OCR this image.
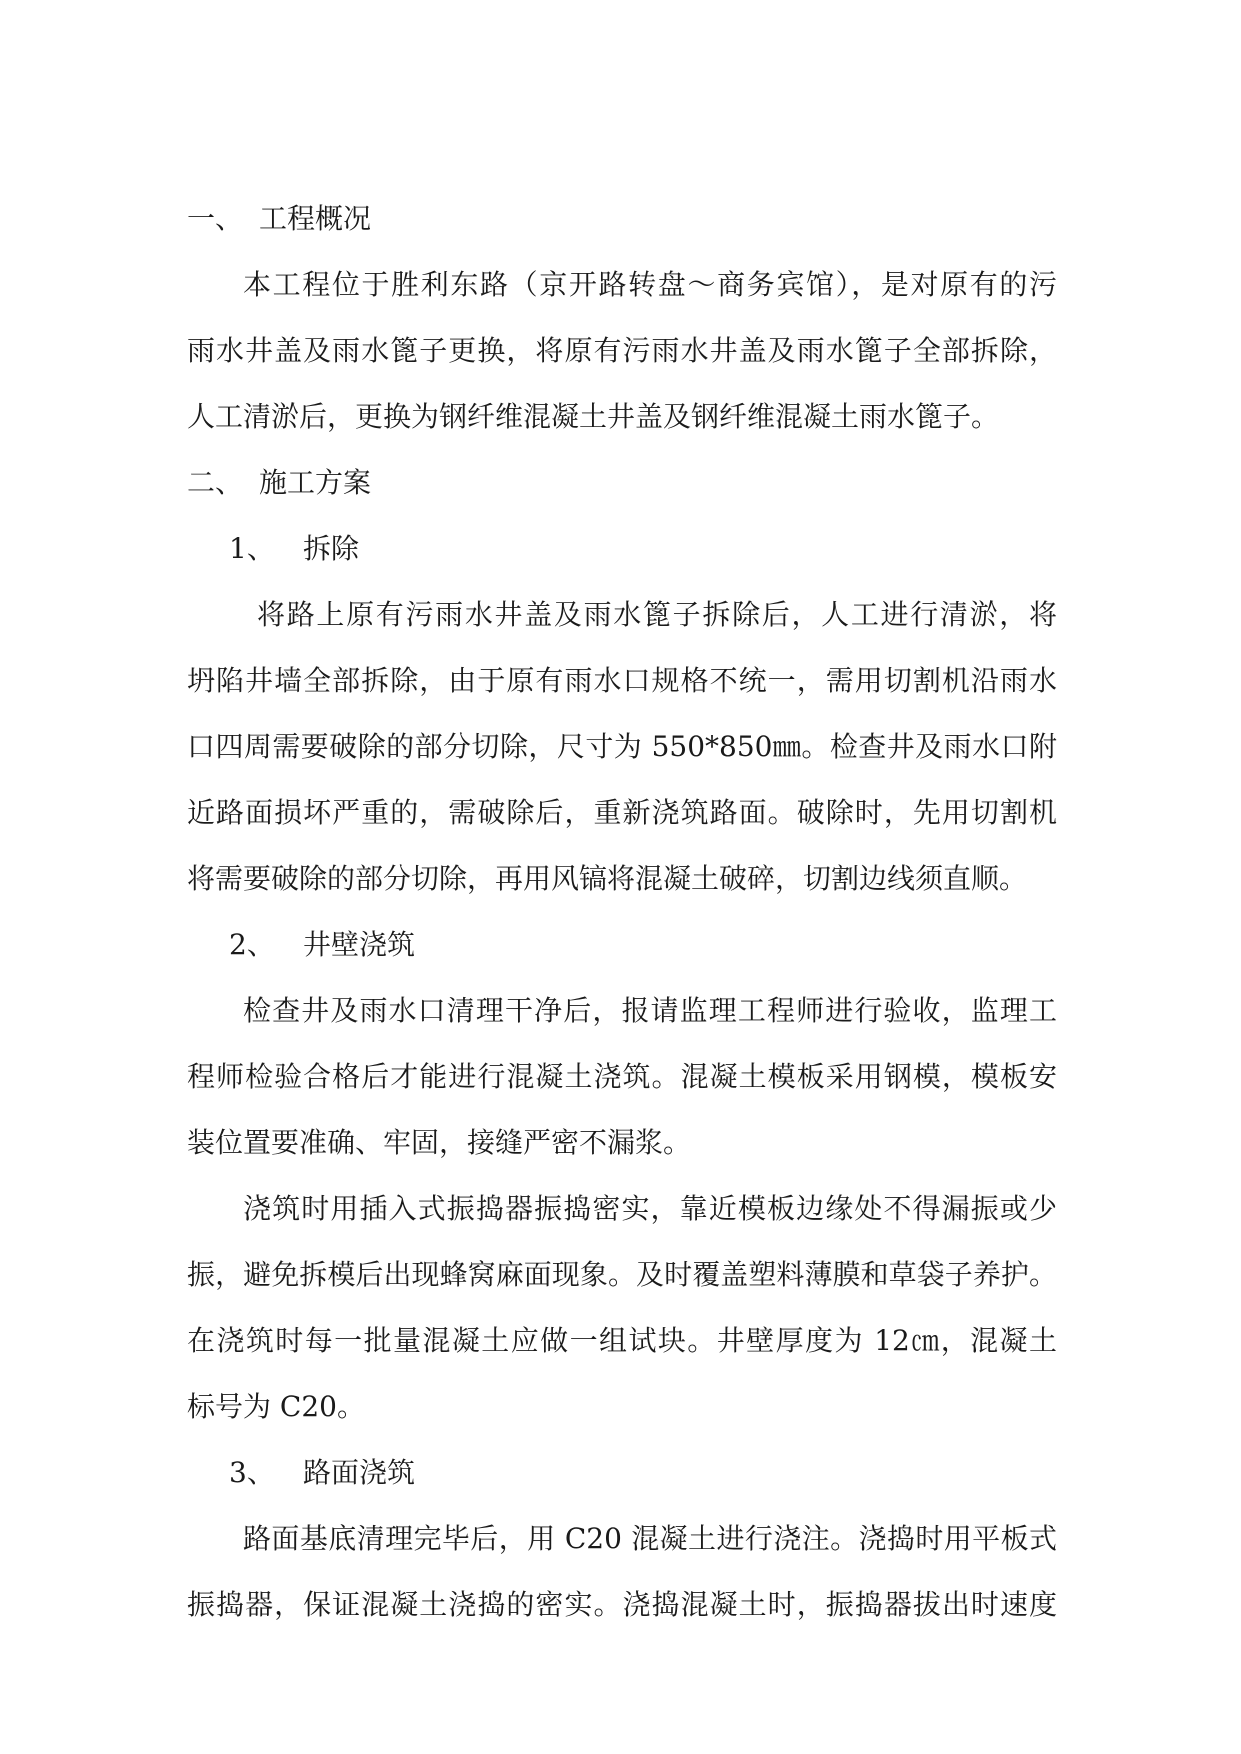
一、 工程概况
本工程位于胜利东路（京开路转盘～商务宾馆），是对原有的污
雨水井盖及雨水篦子更换，将原有污雨水井盖及雨水篦子全部拆除，
人工清淤后，更换为钢纤维混凝土井盖及钢纤维混凝土雨水篦子。
二、 施工方案
1、 拆除
将路上原有污雨水井盖及雨水篦子拆除后，人工进行清淤，将
坍陷井墙全部拆除，由于原有雨水口规格不统一，需用切割机沿雨水
口四周需要破除的部分切除，尺寸为 550*850㎜。检查井及雨水口附
近路面损坏严重的，需破除后，重新浇筑路面。破除时，先用切割机
将需要破除的部分切除，再用风镐将混凝土破碎，切割边线须直顺。
2、 井壁浇筑
检查井及雨水口清理干净后，报请监理工程师进行验收，监理工
程师检验合格后才能进行混凝土浇筑。混凝土模板采用钢模，模板安
装位置要准确、牢固，接缝严密不漏浆。
浇筑时用插入式振捣器振捣密实，靠近模板边缘处不得漏振或少
振，避免拆模后出现蜂窝麻面现象。及时覆盖塑料薄膜和草袋子养护。
在浇筑时每一批量混凝土应做一组试块。井壁厚度为 12㎝，混凝土
标号为 C20。
3、 路面浇筑
路面基底清理完毕后，用 C20 混凝土进行浇注。浇捣时用平板式
振捣器，保证混凝土浇捣的密实。浇捣混凝土时，振捣器拔出时速度
